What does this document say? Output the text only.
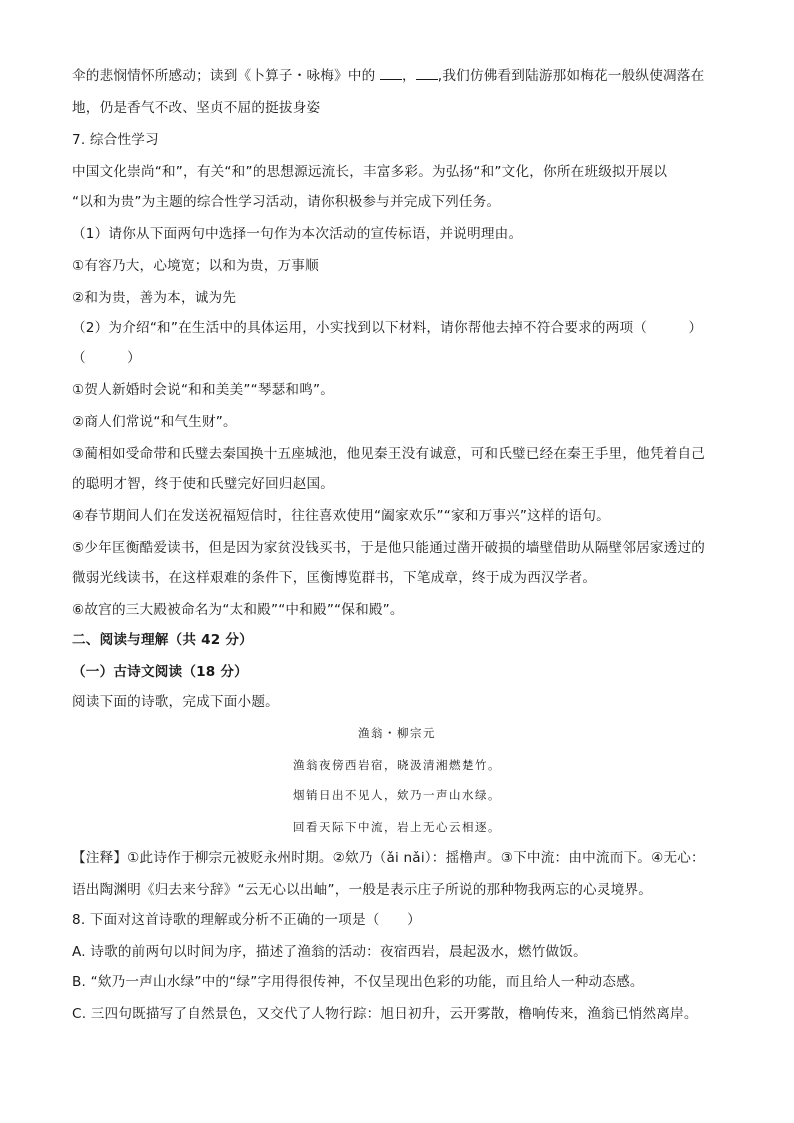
伞的悲悯情怀所感动；读到《卜算子・咏梅》中的 ， ,我们仿佛看到陆游那如梅花一般纵使凋落在
地，仍是香气不改、坚贞不屈的挺拔身姿
7. 综合性学习
中国文化崇尚“和”，有关“和”的思想源远流长，丰富多彩。为弘扬“和”文化，你所在班级拟开展以
“以和为贵”为主题的综合性学习活动，请你积极参与并完成下列任务。
（1）请你从下面两句中选择一句作为本次活动的宣传标语，并说明理由。
①有容乃大，心境宽；以和为贵，万事顺
②和为贵，善为本，诚为先
（2）为介绍“和”在生活中的具体运用，小实找到以下材料，请你帮他去掉不符合要求的两项（　　　）
（　　　）
①贺人新婚时会说“和和美美”“琴瑟和鸣”。
②商人们常说“和气生财”。
③蔺相如受命带和氏璧去秦国换十五座城池，他见秦王没有诚意，可和氏璧已经在秦王手里，他凭着自己
的聪明才智，终于使和氏璧完好回归赵国。
④春节期间人们在发送祝福短信时，往往喜欢使用“阖家欢乐”“家和万事兴”这样的语句。
⑤少年匡衡酷爱读书，但是因为家贫没钱买书，于是他只能通过凿开破损的墙壁借助从隔壁邻居家透过的
微弱光线读书，在这样艰难的条件下，匡衡博览群书，下笔成章，终于成为西汉学者。
⑥故宫的三大殿被命名为“太和殿”“中和殿”“保和殿”。
二、阅读与理解（共 42 分）
（一）古诗文阅读（18 分）
阅读下面的诗歌，完成下面小题。
渔翁・柳宗元
渔翁夜傍西岩宿，晓汲清湘燃楚竹。
烟销日出不见人，欸乃一声山水绿。
回看天际下中流，岩上无心云相逐。
【注释】①此诗作于柳宗元被贬永州时期。②欸乃（ǎi nǎi）：摇橹声。③下中流：由中流而下。④无心：
语出陶渊明《归去来兮辞》“云无心以出岫”，一般是表示庄子所说的那种物我两忘的心灵境界。
8. 下面对这首诗歌的理解或分析不正确的一项是（　　）
A. 诗歌的前两句以时间为序，描述了渔翁的活动：夜宿西岩，晨起汲水，燃竹做饭。
B. “欸乃一声山水绿”中的“绿”字用得很传神，不仅呈现出色彩的功能，而且给人一种动态感。
C. 三四句既描写了自然景色，又交代了人物行踪：旭日初升，云开雾散，橹响传来，渔翁已悄然离岸。
